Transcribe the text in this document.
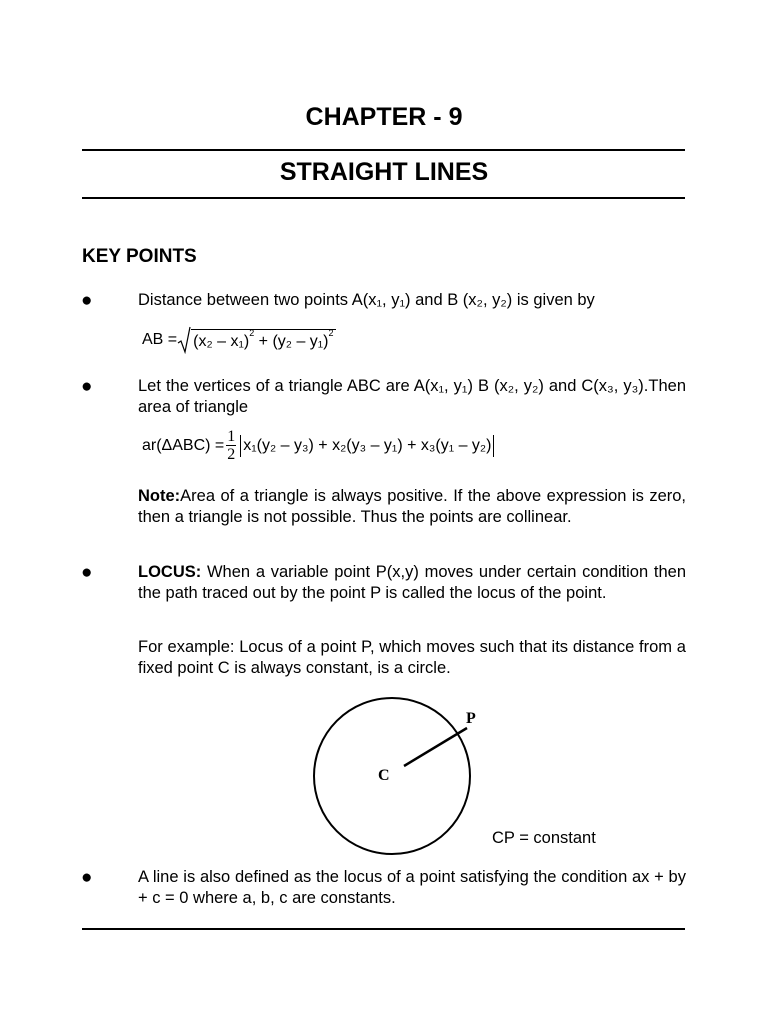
CHAPTER - 9
STRAIGHT LINES
KEY POINTS
●	Distance between two points A(x₁, y₁) and B (x₂, y₂) is given by
AB = (x₂ – x₁)$^2$ + (y₂ – y₁)$^2$
●	Let the vertices of a triangle ABC are A(x₁, y₁) B (x₂, y₂) and C(x₃, y₃).Then area of triangle
$ar(\Delta ABC) = \frac{1}{2} x_1(y_2 - y_3) + x_2(y_3 - y_1) + x_3(y_1 - y_2)$
Note:Area of a triangle is always positive. If the above expression is zero, then a triangle is not possible. Thus the points are collinear.
●	LOCUS: When a variable point P(x,y) moves under certain condition then the path traced out by the point P is called the locus of the point.
For example: Locus of a point P, which moves such that its distance from a fixed point C is always constant, is a circle.
C
P
CP = constant
●	A line is also defined as the locus of a point satisfying the condition ax + by + c = 0 where a, b, c are constants.
